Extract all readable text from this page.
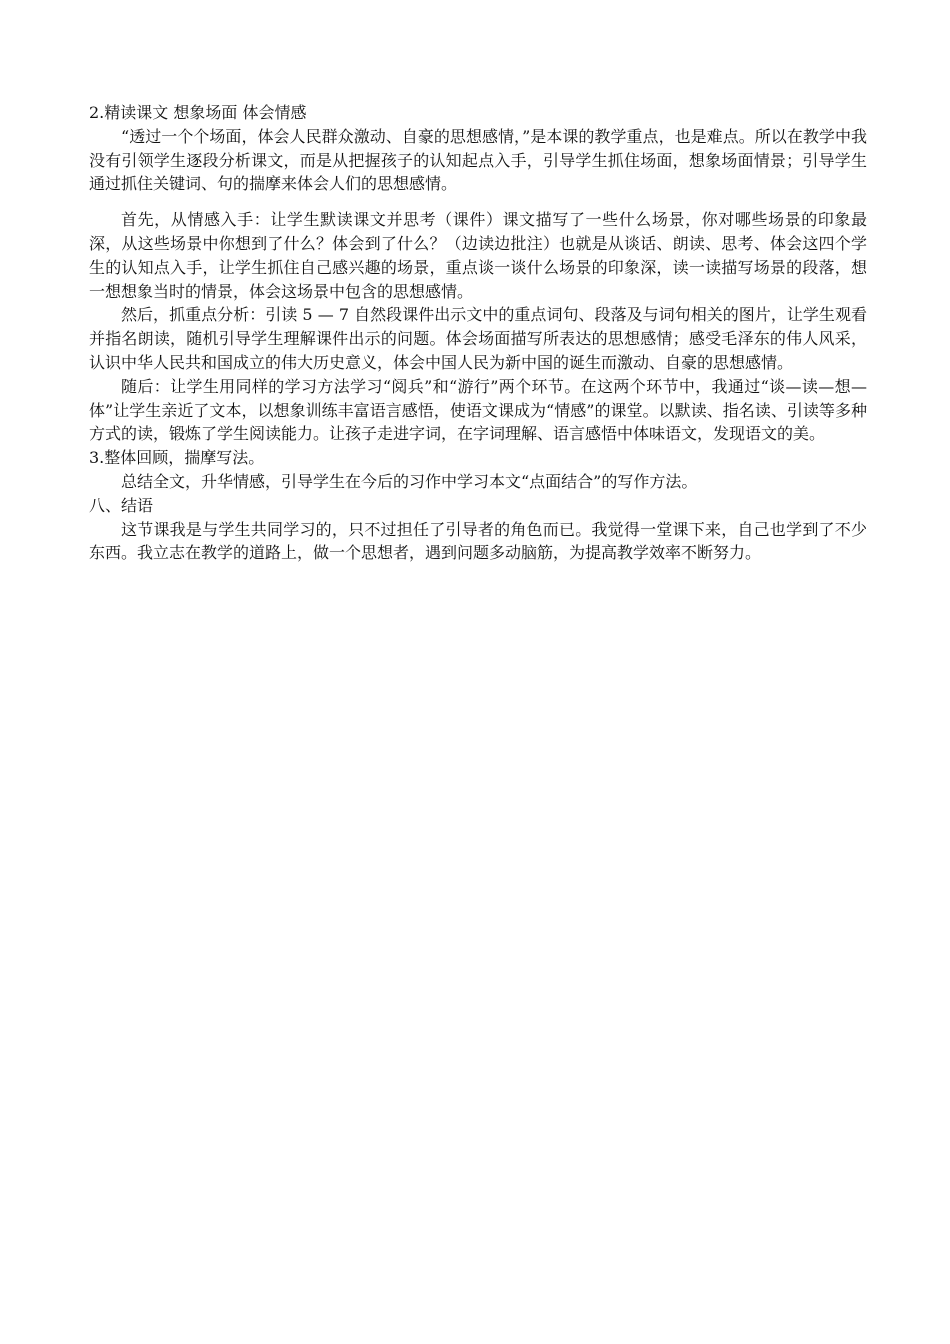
2.精读课文 想象场面 体会情感

“透过一个个场面，体会人民群众激动、自豪的思想感情，”是本课的教学重点，也是难点。所以在教学中我没有引领学生逐段分析课文，而是从把握孩子的认知起点入手，引导学生抓住场面，想象场面情景；引导学生通过抓住关键词、句的揣摩来体会人们的思想感情。

首先，从情感入手：让学生默读课文并思考（课件）课文描写了一些什么场景，你对哪些场景的印象最深，从这些场景中你想到了什么？体会到了什么？（边读边批注）也就是从谈话、朗读、思考、体会这四个学生的认知点入手，让学生抓住自己感兴趣的场景，重点谈一谈什么场景的印象深，读一读描写场景的段落，想一想想象当时的情景，体会这场景中包含的思想感情。

然后，抓重点分析：引读 5 — 7 自然段课件出示文中的重点词句、段落及与词句相关的图片，让学生观看并指名朗读，随机引导学生理解课件出示的问题。体会场面描写所表达的思想感情；感受毛泽东的伟人风采，认识中华人民共和国成立的伟大历史意义，体会中国人民为新中国的诞生而激动、自豪的思想感情。

随后：让学生用同样的学习方法学习“阅兵”和“游行”两个环节。在这两个环节中，我通过“谈—读—想—体”让学生亲近了文本，以想象训练丰富语言感悟，使语文课成为“情感”的课堂。以默读、指名读、引读等多种方式的读，锻炼了学生阅读能力。让孩子走进字词，在字词理解、语言感悟中体味语文，发现语文的美。

3.整体回顾，揣摩写法。

总结全文，升华情感，引导学生在今后的习作中学习本文“点面结合”的写作方法。

八、结语

这节课我是与学生共同学习的，只不过担任了引导者的角色而已。我觉得一堂课下来，自己也学到了不少东西。我立志在教学的道路上，做一个思想者，遇到问题多动脑筋，为提高教学效率不断努力。
